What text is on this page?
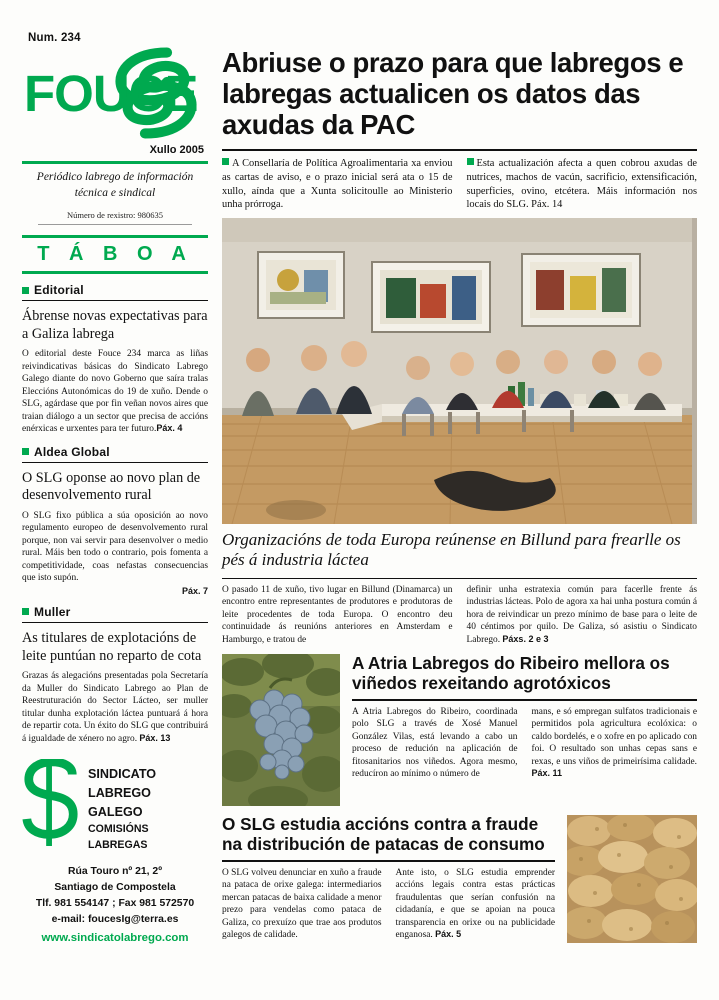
Num. 234
FOUCE
Xullo 2005
Periódico labrego de información
técnica e sindical
Número de rexistro: 980635
T Á B O A
Editorial
Ábrense novas expectativas para a Galiza labrega
O editorial deste Fouce 234 marca as liñas reivindicativas básicas do Sindicato Labrego Galego diante do novo Goberno que saíra tralas Eleccións Autonómicas do 19 de xuño. Dende o SLG, agárdase que por fin veñan novos aires que traian diálogo a un sector que precisa de accións enérxicas e urxentes para ter futuro.Páx. 4
Aldea Global
O SLG oponse ao novo plan de desenvolvemento rural
O SLG fixo pública a súa oposición ao novo regulamento europeo de desenvolvemento rural porque, non vai servir para desenvolver o medio rural. Máis ben todo o contrario, pois fomenta a competitividade, coas nefastas consecuencias que isto supón.
Páx. 7
Muller
As titulares de explotacións de leite puntúan no reparto de cota
Grazas ás alegacións presentadas pola Secretaría da Muller do Sindicato Labrego ao Plan de Reestruturación do Sector Lácteo, ser muller titular dunha explotación láctea puntuará á hora de repartir cota. Un éxito do SLG que contribuirá á igualdade de xénero no agro. Páx. 13
SINDICATO
LABREGO
GALEGO
COMISIÓNS
LABREGAS
Rúa Touro nº 21, 2º
Santiago de Compostela
Tlf. 981 554147 ; Fax 981 572570
e-mail: foucesIg@terra.es
www.sindicatolabrego.com
Abriuse o prazo para que labregos e labregas actualicen os datos das axudas da PAC
A Consellaría de Política Agroalimentaria xa enviou as cartas de aviso, e o prazo inicial será ata o 15 de xullo, aínda que a Xunta solicitoulle ao Ministerio unha prórroga.
Esta actualización afecta a quen cobrou axudas de nutrices, machos de vacún, sacrificio, extensificación, superficies, ovino, etcétera. Máis información nos locais do SLG. Páx. 14
Organizacións de toda Europa reúnense en Billund para frearlle os pés á industria láctea
O pasado 11 de xuño, tivo lugar en Billund (Dinamarca) un encontro entre representantes de produtores e produtoras de leite procedentes de toda Europa. O encontro deu continuidade ás reunións anteriores en Amsterdam e Hamburgo, e tratou de
definir unha estratexia común para facerlle frente ás industrias lácteas. Polo de agora xa hai unha postura común á hora de reivindicar un prezo mínimo de base para o leite de 40 céntimos por quilo. De Galiza, só asistiu o Sindicato Labrego. Páxs. 2 e 3
A Atria Labregos do Ribeiro mellora os viñedos rexeitando agrotóxicos
A Atria Labregos do Ribeiro, coordinada polo SLG a través de Xosé Manuel González Vilas, está levando a cabo un proceso de redución na aplicación de fitosanitarios nos viñedos. Agora mesmo, reducíron ao mínimo o número de
mans, e só empregan sulfatos tradicionais e permitidos pola agricultura ecolóxica: o caldo bordelés, e o xofre en po aplicado con foi. O resultado son unhas cepas sans e rexas, e uns viños de primeirísima calidade. Páx. 11
O SLG estudia accións contra a fraude na distribución de patacas de consumo
O SLG volveu denunciar en xuño a fraude na pataca de orixe galega: intermediarios mercan patacas de baixa calidade a menor prezo para vendelas como pataca de Galiza, co prexuízo que trae aos produtos galegos de calidade.
Ante isto, o SLG estudia emprender accións legais contra estas prácticas fraudulentas que serían confusión na cidadanía, e que se apoian na pouca transparencia en orixe ou na publicidade enganosa. Páx. 5
